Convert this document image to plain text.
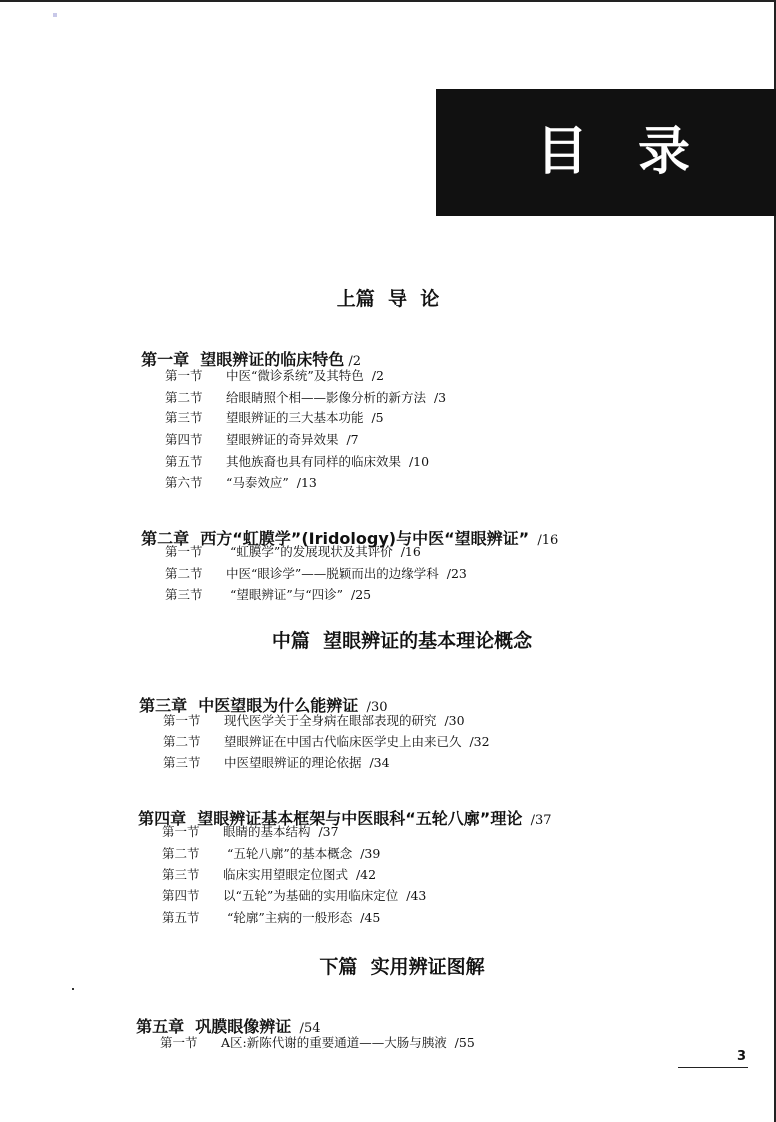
目 录
上篇  导  论

第一章  望眼辨证的临床特色 /2

第一节 中医“微诊系统”及其特色  /2
第二节 给眼睛照个相——影像分析的新方法  /3
第三节 望眼辨证的三大基本功能  /5
第四节 望眼辨证的奇异效果  /7
第五节 其他族裔也具有同样的临床效果  /10
第六节 “马泰效应”  /13

第二章  西方“虹膜学”(Iridology)与中医“望眼辨证”  /16

第一节 “虹膜学”的发展现状及其评价  /16
第二节 中医“眼诊学”——脱颖而出的边缘学科  /23
第三节 “望眼辨证”与“四诊”  /25
中篇  望眼辨证的基本理论概念

第三章  中医望眼为什么能辨证  /30

第一节 现代医学关于全身病在眼部表现的研究  /30
第二节 望眼辨证在中国古代临床医学史上由来已久  /32
第三节 中医望眼辨证的理论依据  /34

第四章  望眼辨证基本框架与中医眼科“五轮八廓”理论  /37

第一节 眼睛的基本结构  /37
第二节 “五轮八廓”的基本概念  /39
第三节 临床实用望眼定位图式  /42
第四节 以“五轮”为基础的实用临床定位  /43
第五节 “轮廓”主病的一般形态  /45
下篇  实用辨证图解

第五章  巩膜眼像辨证  /54

第一节 A区:新陈代谢的重要通道——大肠与胰液  /55
3
